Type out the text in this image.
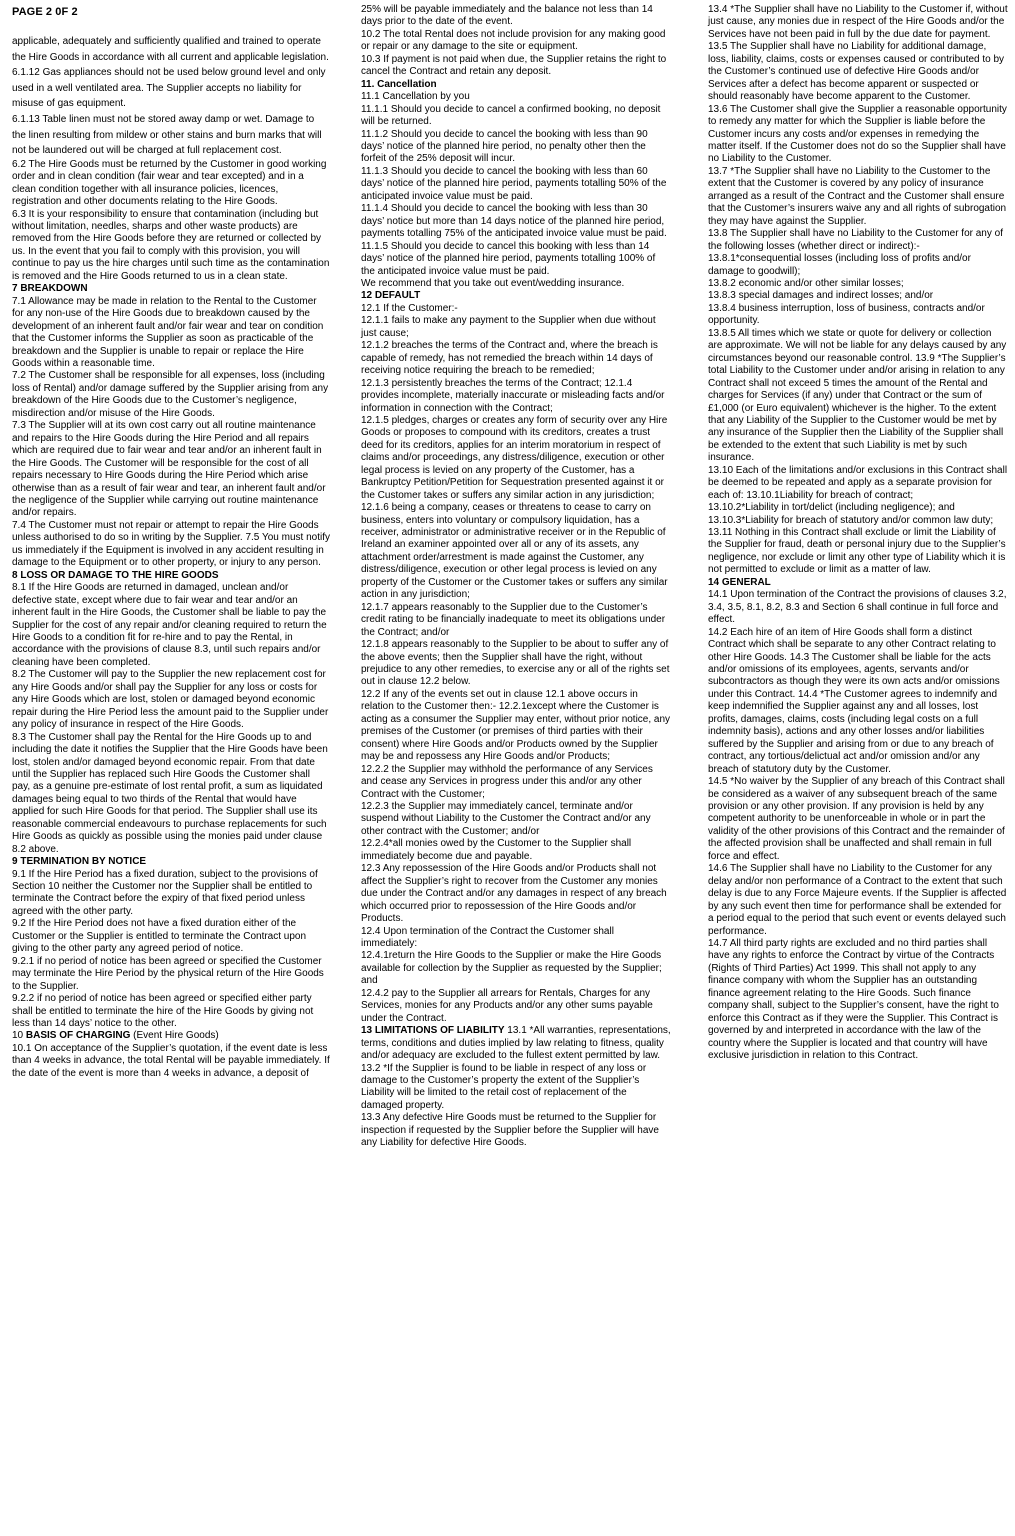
PAGE 2 0F 2

applicable, adequately and sufficiently qualified and trained to operate the Hire Goods in accordance with all current and applicable legislation.

6.1.12 Gas appliances should not be used below ground level and only used in a well ventilated area. The Supplier accepts no liability for misuse of gas equipment.

6.1.13 Table linen must not be stored away damp or wet. Damage to the linen resulting from mildew or other stains and burn marks that will not be laundered out will be charged at full replacement cost.

6.2 The Hire Goods must be returned by the Customer in good working order and in clean condition (fair wear and tear excepted) and in a clean condition together with all insurance policies, licences, registration and other documents relating to the Hire Goods.

6.3 It is your responsibility to ensure that contamination (including but without limitation, needles, sharps and other waste products) are removed from the Hire Goods before they are returned or collected by us. In the event that you fail to comply with this provision, you will continue to pay us the hire charges until such time as the contamination is removed and the Hire Goods returned to us in a clean state.

7 BREAKDOWN

7.1 Allowance may be made in relation to the Rental to the Customer for any non-use of the Hire Goods due to breakdown caused by the development of an inherent fault and/or fair wear and tear on condition that the Customer informs the Supplier as soon as practicable of the breakdown and the Supplier is unable to repair or replace the Hire Goods within a reasonable time.

7.2 The Customer shall be responsible for all expenses, loss (including loss of Rental) and/or damage suffered by the Supplier arising from any breakdown of the Hire Goods due to the Customer’s negligence, misdirection and/or misuse of the Hire Goods.

7.3 The Supplier will at its own cost carry out all routine maintenance and repairs to the Hire Goods during the Hire Period and all repairs which are required due to fair wear and tear and/or an inherent fault in the Hire Goods. The Customer will be responsible for the cost of all repairs necessary to Hire Goods during the Hire Period which arise otherwise than as a result of fair wear and tear, an inherent fault and/or the negligence of the Supplier while carrying out routine maintenance and/or repairs.

7.4 The Customer must not repair or attempt to repair the Hire Goods unless authorised to do so in writing by the Supplier. 7.5 You must notify us immediately if the Equipment is involved in any accident resulting in damage to the Equipment or to other property, or injury to any person.

8 LOSS OR DAMAGE TO THE HIRE GOODS

8.1 If the Hire Goods are returned in damaged, unclean and/or defective state, except where due to fair wear and tear and/or an inherent fault in the Hire Goods, the Customer shall be liable to pay the Supplier for the cost of any repair and/or cleaning required to return the Hire Goods to a condition fit for re-hire and to pay the Rental, in accordance with the provisions of clause 8.3, until such repairs and/or cleaning have been completed.

8.2 The Customer will pay to the Supplier the new replacement cost for any Hire Goods and/or shall pay the Supplier for any loss or costs for any Hire Goods which are lost, stolen or damaged beyond economic repair during the Hire Period less the amount paid to the Supplier under any policy of insurance in respect of the Hire Goods.

8.3 The Customer shall pay the Rental for the Hire Goods up to and including the date it notifies the Supplier that the Hire Goods have been lost, stolen and/or damaged beyond economic repair. From that date until the Supplier has replaced such Hire Goods the Customer shall pay, as a genuine pre-estimate of lost rental profit, a sum as liquidated damages being equal to two thirds of the Rental that would have applied for such Hire Goods for that period. The Supplier shall use its reasonable commercial endeavours to purchase replacements for such Hire Goods as quickly as possible using the monies paid under clause 8.2 above.

9 TERMINATION BY NOTICE

9.1 If the Hire Period has a fixed duration, subject to the provisions of Section 10 neither the Customer nor the Supplier shall be entitled to terminate the Contract before the expiry of that fixed period unless agreed with the other party.

9.2 If the Hire Period does not have a fixed duration either of the Customer or the Supplier is entitled to terminate the Contract upon giving to the other party any agreed period of notice.

9.2.1 if no period of notice has been agreed or specified the Customer may terminate the Hire Period by the physical return of the Hire Goods to the Supplier.

9.2.2 if no period of notice has been agreed or specified either party shall be entitled to terminate the hire of the Hire Goods by giving not less than 14 days’ notice to the other.

10 BASIS OF CHARGING (Event Hire Goods)

10.1 On acceptance of the Supplier’s quotation, if the event date is less than 4 weeks in advance, the total Rental will be payable immediately. If the date of the event is more than 4 weeks in advance, a deposit of

25% will be payable immediately and the balance not less than 14 days prior to the date of the event.

10.2 The total Rental does not include provision for any making good or repair or any damage to the site or equipment.

10.3 If payment is not paid when due, the Supplier retains the right to cancel the Contract and retain any deposit.

11. Cancellation

11.1 Cancellation by you

11.1.1 Should you decide to cancel a confirmed booking, no deposit will be returned.

11.1.2 Should you decide to cancel the booking with less than 90 days’ notice of the planned hire period, no penalty other then the forfeit of the 25% deposit will incur.

11.1.3 Should you decide to cancel the booking with less than 60 days’ notice of the planned hire period, payments totalling 50% of the anticipated invoice value must be paid.

11.1.4 Should you decide to cancel the booking with less than 30 days’ notice but more than 14 days notice of the planned hire period, payments totalling 75% of the anticipated invoice value must be paid.

11.1.5 Should you decide to cancel this booking with less than 14 days’ notice of the planned hire period, payments totalling 100% of the anticipated invoice value must be paid.

We recommend that you take out event/wedding insurance.

12 DEFAULT

12.1 If the Customer:-

12.1.1 fails to make any payment to the Supplier when due without just cause;

12.1.2 breaches the terms of the Contract and, where the breach is capable of remedy, has not remedied the breach within 14 days of receiving notice requiring the breach to be remedied;

12.1.3 persistently breaches the terms of the Contract; 12.1.4 provides incomplete, materially inaccurate or misleading facts and/or information in connection with the Contract;

12.1.5 pledges, charges or creates any form of security over any Hire Goods or proposes to compound with its creditors, creates a trust deed for its creditors, applies for an interim moratorium in respect of claims and/or proceedings, any distress/diligence, execution or other legal process is levied on any property of the Customer, has a Bankruptcy Petition/Petition for Sequestration presented against it or the Customer takes or suffers any similar action in any jurisdiction;

12.1.6 being a company, ceases or threatens to cease to carry on business, enters into voluntary or compulsory liquidation, has a receiver, administrator or administrative receiver or in the Republic of Ireland an examiner appointed over all or any of its assets, any attachment order/arrestment is made against the Customer, any distress/diligence, execution or other legal process is levied on any property of the Customer or the Customer takes or suffers any similar action in any jurisdiction;

12.1.7 appears reasonably to the Supplier due to the Customer’s credit rating to be financially inadequate to meet its obligations under the Contract; and/or

12.1.8 appears reasonably to the Supplier to be about to suffer any of the above events; then the Supplier shall have the right, without prejudice to any other remedies, to exercise any or all of the rights set out in clause 12.2 below.

12.2 If any of the events set out in clause 12.1 above occurs in relation to the Customer then:- 12.2.1except where the Customer is acting as a consumer the Supplier may enter, without prior notice, any premises of the Customer (or premises of third parties with their consent) where Hire Goods and/or Products owned by the Supplier may be and repossess any Hire Goods and/or Products;

12.2.2 the Supplier may withhold the performance of any Services and cease any Services in progress under this and/or any other Contract with the Customer;

12.2.3 the Supplier may immediately cancel, terminate and/or suspend without Liability to the Customer the Contract and/or any other contract with the Customer; and/or

12.2.4*all monies owed by the Customer to the Supplier shall immediately become due and payable.

12.3 Any repossession of the Hire Goods and/or Products shall not affect the Supplier’s right to recover from the Customer any monies due under the Contract and/or any damages in respect of any breach which occurred prior to repossession of the Hire Goods and/or Products.

12.4 Upon termination of the Contract the Customer shall immediately:

12.4.1return the Hire Goods to the Supplier or make the Hire Goods available for collection by the Supplier as requested by the Supplier; and

12.4.2 pay to the Supplier all arrears for Rentals, Charges for any Services, monies for any Products and/or any other sums payable under the Contract.

13 LIMITATIONS OF LIABILITY 13.1 *All warranties, representations, terms, conditions and duties implied by law relating to fitness, quality and/or adequacy are excluded to the fullest extent permitted by law.

13.2 *If the Supplier is found to be liable in respect of any loss or damage to the Customer’s property the extent of the Supplier’s Liability will be limited to the retail cost of replacement of the damaged property.

13.3 Any defective Hire Goods must be returned to the Supplier for inspection if requested by the Supplier before the Supplier will have any Liability for defective Hire Goods.

13.4 *The Supplier shall have no Liability to the Customer if, without just cause, any monies due in respect of the Hire Goods and/or the Services have not been paid in full by the due date for payment.

13.5 The Supplier shall have no Liability for additional damage, loss, liability, claims, costs or expenses caused or contributed to by the Customer’s continued use of defective Hire Goods and/or Services after a defect has become apparent or suspected or should reasonably have become apparent to the Customer.

13.6 The Customer shall give the Supplier a reasonable opportunity to remedy any matter for which the Supplier is liable before the Customer incurs any costs and/or expenses in remedying the matter itself. If the Customer does not do so the Supplier shall have no Liability to the Customer.

13.7 *The Supplier shall have no Liability to the Customer to the extent that the Customer is covered by any policy of insurance arranged as a result of the Contract and the Customer shall ensure that the Customer’s insurers waive any and all rights of subrogation they may have against the Supplier.

13.8 The Supplier shall have no Liability to the Customer for any of the following losses (whether direct or indirect):- 13.8.1*consequential losses (including loss of profits and/or damage to goodwill);

13.8.2 economic and/or other similar losses;

13.8.3 special damages and indirect losses; and/or

13.8.4 business interruption, loss of business, contracts and/or opportunity.

13.8.5 All times which we state or quote for delivery or collection are approximate. We will not be liable for any delays caused by any circumstances beyond our reasonable control. 13.9 *The Supplier’s total Liability to the Customer under and/or arising in relation to any Contract shall not exceed 5 times the amount of the Rental and charges for Services (if any) under that Contract or the sum of £1,000 (or Euro equivalent) whichever is the higher. To the extent that any Liability of the Supplier to the Customer would be met by any insurance of the Supplier then the Liability of the Supplier shall be extended to the extent that such Liability is met by such insurance.

13.10 Each of the limitations and/or exclusions in this Contract shall be deemed to be repeated and apply as a separate provision for each of: 13.10.1Liability for breach of contract;

13.10.2*Liability in tort/delict (including negligence); and 13.10.3*Liability for breach of statutory and/or common law duty;

13.11 Nothing in this Contract shall exclude or limit the Liability of the Supplier for fraud, death or personal injury due to the Supplier’s negligence, nor exclude or limit any other type of Liability which it is not permitted to exclude or limit as a matter of law.

14 GENERAL

14.1 Upon termination of the Contract the provisions of clauses 3.2, 3.4, 3.5, 8.1, 8.2, 8.3 and Section 6 shall continue in full force and effect.

14.2 Each hire of an item of Hire Goods shall form a distinct Contract which shall be separate to any other Contract relating to other Hire Goods. 14.3 The Customer shall be liable for the acts and/or omissions of its employees, agents, servants and/or subcontractors as though they were its own acts and/or omissions under this Contract. 14.4 *The Customer agrees to indemnify and keep indemnified the Supplier against any and all losses, lost profits, damages, claims, costs (including legal costs on a full indemnity basis), actions and any other losses and/or liabilities suffered by the Supplier and arising from or due to any breach of contract, any tortious/delictual act and/or omission and/or any breach of statutory duty by the Customer.

14.5 *No waiver by the Supplier of any breach of this Contract shall be considered as a waiver of any subsequent breach of the same provision or any other provision. If any provision is held by any competent authority to be unenforceable in whole or in part the validity of the other provisions of this Contract and the remainder of the affected provision shall be unaffected and shall remain in full force and effect.

14.6 The Supplier shall have no Liability to the Customer for any delay and/or non performance of a Contract to the extent that such delay is due to any Force Majeure events. If the Supplier is affected by any such event then time for performance shall be extended for a period equal to the period that such event or events delayed such performance.

14.7 All third party rights are excluded and no third parties shall have any rights to enforce the Contract by virtue of the Contracts (Rights of Third Parties) Act 1999. This shall not apply to any finance company with whom the Supplier has an outstanding finance agreement relating to the Hire Goods. Such finance company shall, subject to the Supplier’s consent, have the right to enforce this Contract as if they were the Supplier. This Contract is governed by and interpreted in accordance with the law of the country where the Supplier is located and that country will have exclusive jurisdiction in relation to this Contract.
